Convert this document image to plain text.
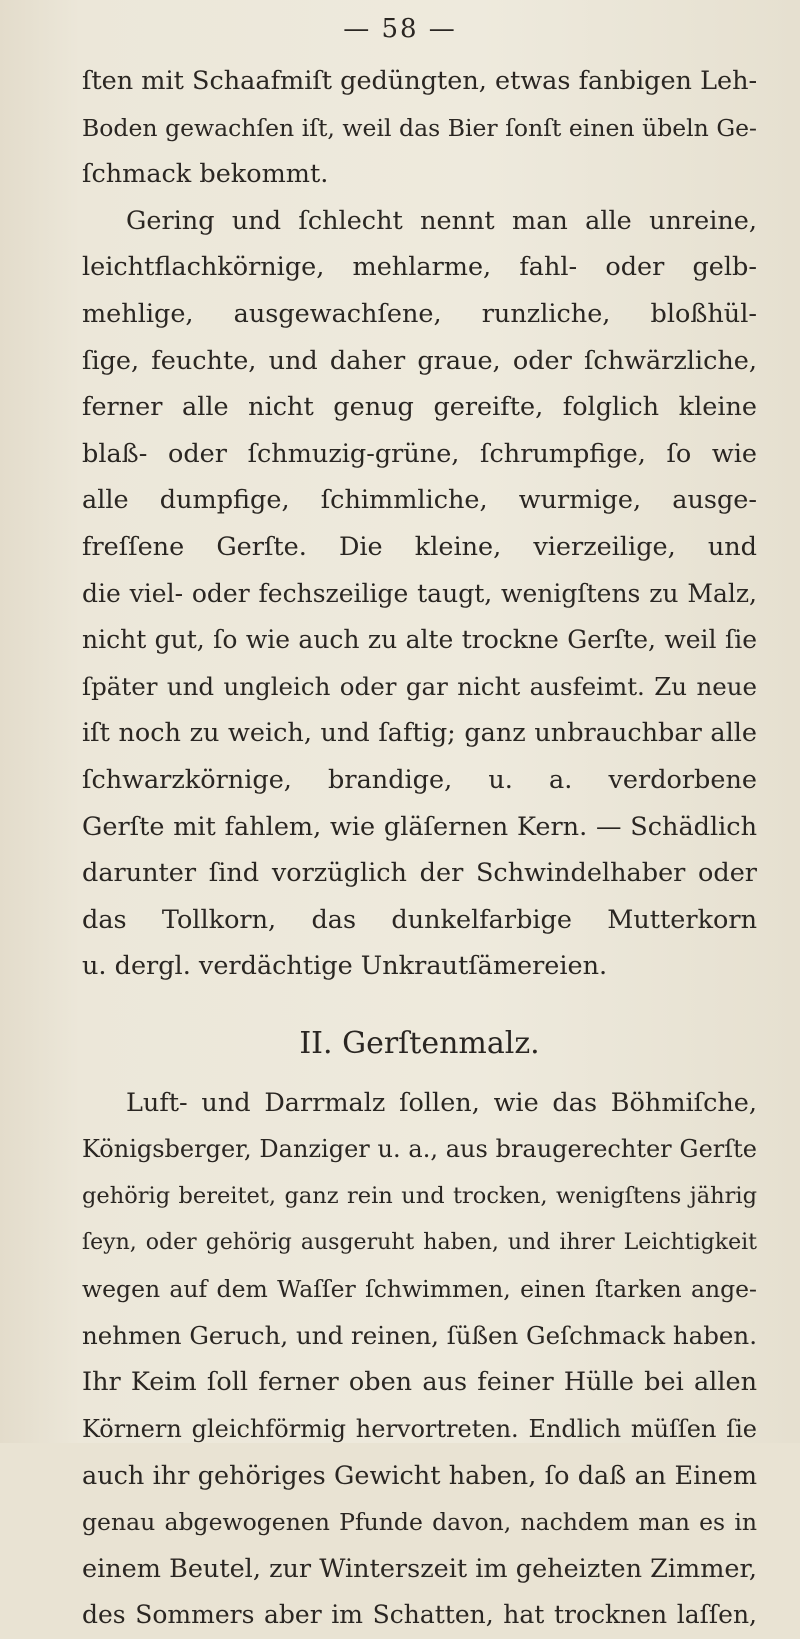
— 58 —
ſten mit Schaafmiſt gedüngten, etwas fanbigen Leh-
Boden gewachſen iſt, weil das Bier ſonſt einen übeln Ge-
ſchmack bekommt.
Gering und ſchlecht nennt man alle unreine,
leichtflachkörnige, mehlarme, fahl- oder gelb-
mehlige, ausgewachſene, runzliche, bloßhül-
ſige, feuchte, und daher graue, oder ſchwärzliche,
ferner alle nicht genug gereifte, folglich kleine
blaß- oder ſchmuzig-grüne, ſchrumpfige, ſo wie
alle dumpfige, ſchimmliche, wurmige, ausge-
freſſene Gerſte. Die kleine, vierzeilige, und
die viel- oder fechszeilige taugt, wenigſtens zu Malz,
nicht gut, ſo wie auch zu alte trockne Gerſte, weil ſie
ſpäter und ungleich oder gar nicht ausfeimt. Zu neue
iſt noch zu weich, und ſaftig; ganz unbrauchbar alle
ſchwarzkörnige, brandige, u. a. verdorbene
Gerſte mit fahlem, wie gläſernen Kern. — Schädlich
darunter ſind vorzüglich der Schwindelhaber oder
das Tollkorn, das dunkelfarbige Mutterkorn
u. dergl. verdächtige Unkrautſämereien.
II. Gerſtenmalz.
Luft- und Darrmalz ſollen, wie das Böhmiſche,
Königsberger, Danziger u. a., aus braugerechter Gerſte
gehörig bereitet, ganz rein und trocken, wenigſtens jährig
ſeyn, oder gehörig ausgeruht haben, und ihrer Leichtigkeit
wegen auf dem Waſſer ſchwimmen, einen ſtarken ange-
nehmen Geruch, und reinen, ſüßen Geſchmack haben.
Ihr Keim ſoll ferner oben aus feiner Hülle bei allen
Körnern gleichförmig hervortreten. Endlich müſſen ſie
auch ihr gehöriges Gewicht haben, ſo daß an Einem
genau abgewogenen Pfunde davon, nachdem man es in
einem Beutel, zur Winterszeit im geheizten Zimmer,
des Sommers aber im Schatten, hat trocknen laſſen,
